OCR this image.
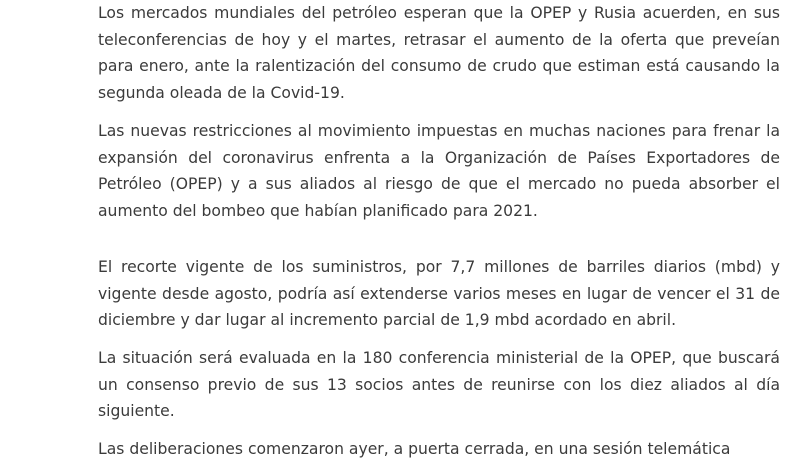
Los mercados mundiales del petróleo esperan que la OPEP y Rusia acuerden, en sus teleconferencias de hoy y el martes, retrasar el aumento de la oferta que preveían para enero, ante la ralentización del consumo de crudo que estiman está causando la segunda oleada de la Covid-19.

Las nuevas restricciones al movimiento impuestas en muchas naciones para frenar la expansión del coronavirus enfrenta a la Organización de Países Exportadores de Petróleo (OPEP) y a sus aliados al riesgo de que el mercado no pueda absorber el aumento del bombeo que habían planificado para 2021.

El recorte vigente de los suministros, por 7,7 millones de barriles diarios (mbd) y vigente desde agosto, podría así extenderse varios meses en lugar de vencer el 31 de diciembre y dar lugar al incremento parcial de 1,9 mbd acordado en abril.

La situación será evaluada en la 180 conferencia ministerial de la OPEP, que buscará un consenso previo de sus 13 socios antes de reunirse con los diez aliados al día siguiente.

Las deliberaciones comenzaron ayer, a puerta cerrada, en una sesión telemática
